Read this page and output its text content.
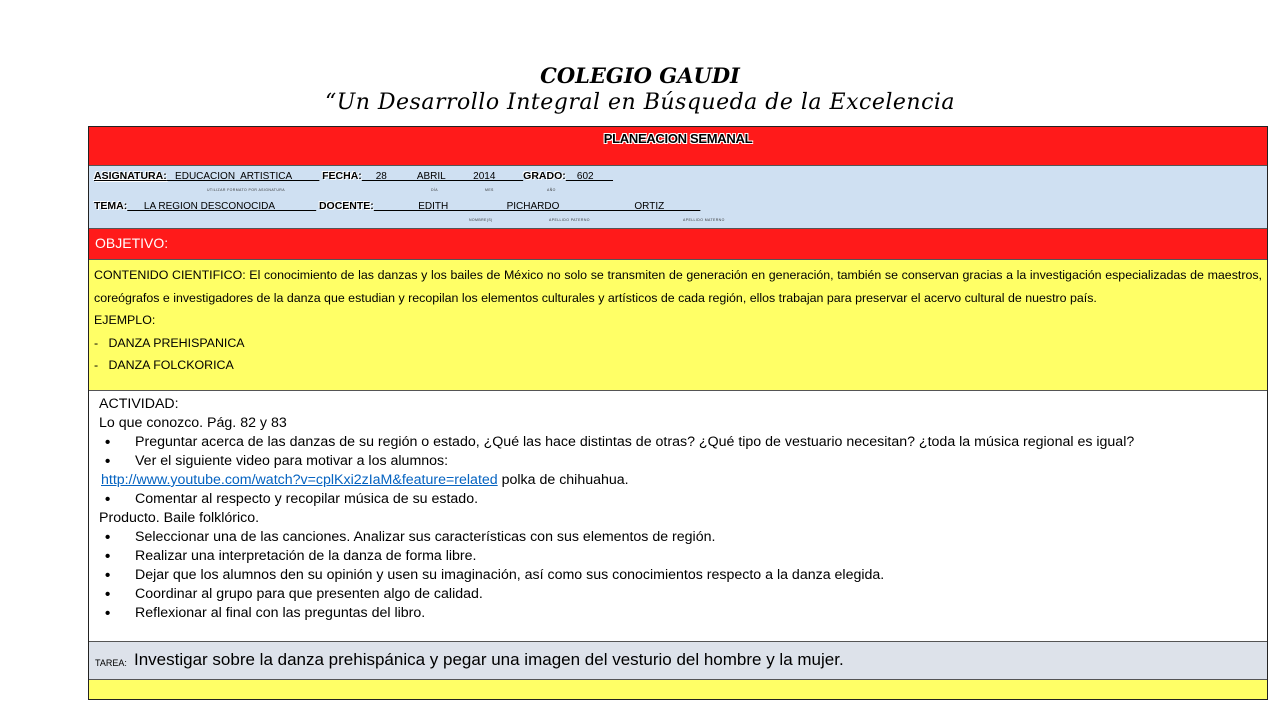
COLEGIO GAUDI
“Un Desarrollo Integral en Búsqueda de la Excelencia
PLANEACION SEMANAL
ASIGNATURA:   EDUCACION  ARTISTICA           FECHA:     28           ABRIL          2014          GRADO:    602
UTILIZAR FORMATO POR ASIGNATURA	DÍA	MES	AÑO
TEMA:      LA REGION DESCONOCIDA                DOCENTE:                EDITH                     PICHARDO                           ORTIZ
NOMBRE(S)	APELLIDO PATERNO	APELLIDO MATERNO
OBJETIVO:

CONTENIDO CIENTIFICO: El conocimiento de las danzas y los bailes de México no solo se transmiten de generación en generación, también se conservan gracias a la investigación especializadas de maestros, coreógrafos e investigadores de la danza que estudian y recopilan los elementos culturales y artísticos de cada región, ellos trabajan para preservar el acervo cultural de nuestro país.

EJEMPLO:
-   DANZA PREHISPANICA
-   DANZA FOLCKORICA
ACTIVIDAD:
Lo que conozco. Pág. 82 y 83
• Preguntar acerca de las danzas de su región o estado, ¿Qué las hace distintas de otras? ¿Qué tipo de vestuario necesitan? ¿toda la música regional es igual?
• Ver el siguiente video para motivar a los alumnos:
http://www.youtube.com/watch?v=cplKxi2zIaM&feature=related polka de chihuahua.
• Comentar al respecto y recopilar música de su estado.
Producto. Baile folklórico.
• Seleccionar una de las canciones. Analizar sus características con sus elementos de región.
• Realizar una interpretación de la danza de forma libre.
• Dejar que los alumnos den su opinión y usen su imaginación, así como sus conocimientos respecto a la danza elegida.
• Coordinar al grupo para que presenten algo de calidad.
• Reflexionar al final con las preguntas del libro.
TAREA: Investigar sobre la danza prehispánica y pegar una imagen del vesturio del hombre y la mujer.
